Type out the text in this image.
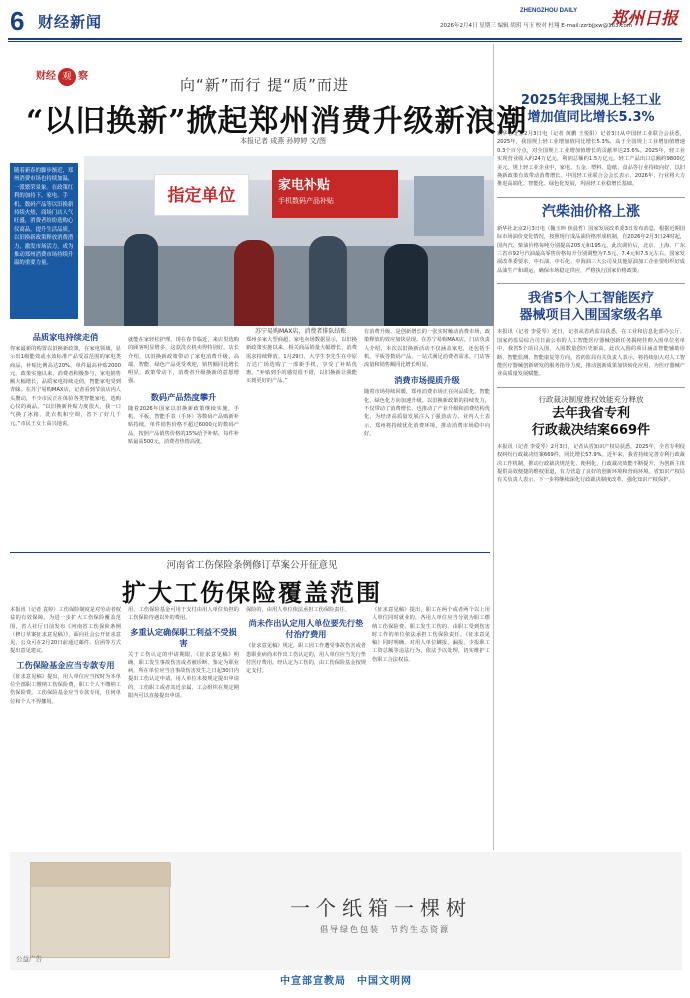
6 财经新闻
ZHENGZHOU DAILY 郑州日报
2026年2月4日 星期三 编辑 胡玥 马玉 校对 杜翔 E-mail:zzrbjjxw@163.com
财经 观 察	向“新”而行 提“质”而进
“以旧换新”掀起郑州消费升级新浪潮
本报记者 成燕 孙婷婷 文/图
随着新春的脚步渐近，郑州消费市场也持续加温，一派繁荣景象。在政策红利的加持下，家电、手机、数码产品等以旧换新持续火热，商场门店人气旺盛，消费者纷纷选购心仪商品，提升生活品质。以旧换新政策释放消费潜力，激发市场活力，成为推动郑州消费市场持续升温的重要力量。
指定单位
家电补贴
手机数码产品补贴
苏宁易购MAX店，消费者排队结账
品质家电持续走俏
你家最新的购置以旧换新政策，在家电领域，显示出1级能效或水效标准产品受益范围的家电类商品，补贴比例高达20%，单件最高补贴2000元。政策实施以来，消费者积极参与，家电销售额大幅增长，品质家电持续走俏，智能家电受到青睐。在苏宁易购MAX店，记者看到节前店内人头攒动，不少市民正在体验各类智能家电，选购心仪的商品。“以旧换新补贴力度很大，我一口气换了冰箱、洗衣机和空调，省下了好几千元。”市民王女士高兴地说。
就能在家轻松护理。现在春节临近，来店里选购的顾客明显增多，这款洗衣机卖得特别好。店长介绍，以旧换新政策带动了家电消费升级，高端、智能、绿色产品更受欢迎，销售额同比增长明显。政策带动下，消费者升级换新的意愿增强。
数码产品热度攀升
随着2026年国家以旧换新政策继续实施，手机、平板、智能手表（手环）等数码产品购新补贴持续。单件销售价格不超过6000元的数码产品，按照产品销售价格的15%给予补贴，每件补贴最高500元，消费者热情高涨。
郑州多家大型商超、家电卖场数据显示，以旧换新政策实施以来，相关商品销量大幅增长，消费需求持续释放。1月29日，大学生李先生在中原万达广场选购了一部新手机，享受了补贴优惠。“补贴到手的感觉很不错，以旧换新让我能买到更好的产品。”
有消费升级、是创新增长的一张实时触动消费市场，政策释放的效应加快显现。在苏宁易购MAX店，门店负责人介绍，本次以旧换新活动不仅涵盖家电，还包括手机、平板等数码产品，一站式满足消费者需求，门店客流量和销售额同比增长明显。
消费市场提质升级
随着市场持续回暖，郑州消费市场正在向品质化、智能化、绿色化方向加速升级。以旧换新政策的持续发力，不仅带动了消费增长，也推动了产业升级和消费结构优化，为经济高质量发展注入了强劲动力。业内人士表示，郑州将持续优化消费环境，推动消费市场稳中向好。
河南省工伤保险条例修订草案公开征意见
扩大工伤保险覆盖范围
本报讯（记者 袁婷）工伤保险制度是对劳动者权益的有效保障。为进一步扩大工伤保险覆盖范围，省人社厅日前发布《河南省工伤保险条例（修订草案征求意见稿）》，面向社会公开征求意见，公众可在2月20日前通过邮件、信函等方式提出意见建议。
工伤保险基金应当专款专用
《征求意见稿》提出，用人单位应当按时为本单位全部职工缴纳工伤保险费，职工个人不缴纳工伤保险费。工伤保险基金应当专款专用，任何单位和个人不得挪用。
用，工伤保险基金可用于支付由用人单位负担的工伤保险待遇以外的费用。
多重认定确保职工利益不受损害
关于工伤认定的申请期限，《征求意见稿》明确，职工发生事故伤害或者被诊断、鉴定为职业病，所在单位应当自事故伤害发生之日起30日内提出工伤认定申请。用人单位未按规定提出申请的，工伤职工或者其近亲属、工会组织在规定期限内可以直接提出申请。
保险的，由用人单位依法承担工伤保险责任。
尚未作出认定用人单位要先行垫付治疗费用
《征求意见稿》规定，职工因工作遭受事故伤害或者患职业病尚未作出工伤认定的，用人单位应当先行垫付医疗费用。经认定为工伤的，由工伤保险基金按规定支付。
《征求意见稿》提出，职工在两个或者两个以上用人单位同时就业的，各用人单位应当分别为职工缴纳工伤保险费。职工发生工伤的，由职工受到伤害时工作的单位依法承担工伤保险责任。《征求意见稿》同时明确，对用人单位瞒报、漏报、少报职工工资总额等违法行为，依法予以处理，切实维护工伤职工合法权益。
2025年我国规上轻工业
增加值同比增长5.3%
新华社北京2月3日电（记者 黄鹏 王悦阳）记者3日从中国轻工业联合会获悉，2025年，我国规上轻工业增加值同比增长5.3%，高于全国规上工业增加值增速0.3个百分点，对全国规上工业增加值增长的贡献率达23.6%。2025年，轻工业实现营业收入约24万亿元，利润总额约1.5万亿元。轻工产品出口总额约9800亿美元。规上轻工业企业中，家电、五金、塑料、造纸、食品等行业持续向好，以旧换新政策有效带动消费增长。中国轻工业联合会会长表示，2026年，行业将大力推进高端化、智能化、绿色化发展，巩固轻工业稳增长基础。
汽柴油价格上涨
新华社北京2月3日电（魏玉坤 焦晨哲）国家发展改革委3日发布消息，根据近期国际市场油价变化情况，按照现行成品油价格形成机制，自2026年2月3日24时起，国内汽、柴油价格每吨分别提高205元和195元。此次调价后，北京、上海、广东三省市92号汽油最高零售价格每升分别调整为7.5元、7.4元和7.5元左右。国家发展改革委要求，中石油、中石化、中海油三大公司及其他原油加工企业要组织好成品油生产和调运，确保市场稳定供应，严格执行国家价格政策。
我省5个人工智能医疗
器械项目入围国家级名单
本报讯（记者 李爱琴）近日，记者从省药监局获悉，在工业和信息化部办公厅、国家药监局综合司日前公布的人工智能医疗器械创新任务揭榜挂帅入围单位名单中，我省5个项目入围，入围数量创历史新高。此次入围的项目涵盖智能辅助诊断、智能监测、智能康复等方向。省药监局有关负责人表示，将持续加大对人工智能医疗器械创新研发的服务指导力度，推动创新成果加快转化应用，为医疗器械产业高质量发展赋能。
行政裁决制度推权效能充分释放
去年我省专利
行政裁决结案669件
本报讯（记者 李爱琴）2月3日，记者从省知识产权局获悉，2025年，全省专利侵权纠纷行政裁决结案669件，同比增长57.9%。近年来，我省持续完善专利行政裁决工作机制，推动行政裁决规范化、便利化，行政裁决效能不断提升，为创新主体提供高效便捷的维权渠道，有力营造了良好的创新环境和营商环境。省知识产权局有关负责人表示，下一步将继续深化行政裁决制度改革，强化知识产权保护。
一个纸箱一棵树
倡导绿色包装　节约生态资源
公益广告
中宣部宣教局　中国文明网
